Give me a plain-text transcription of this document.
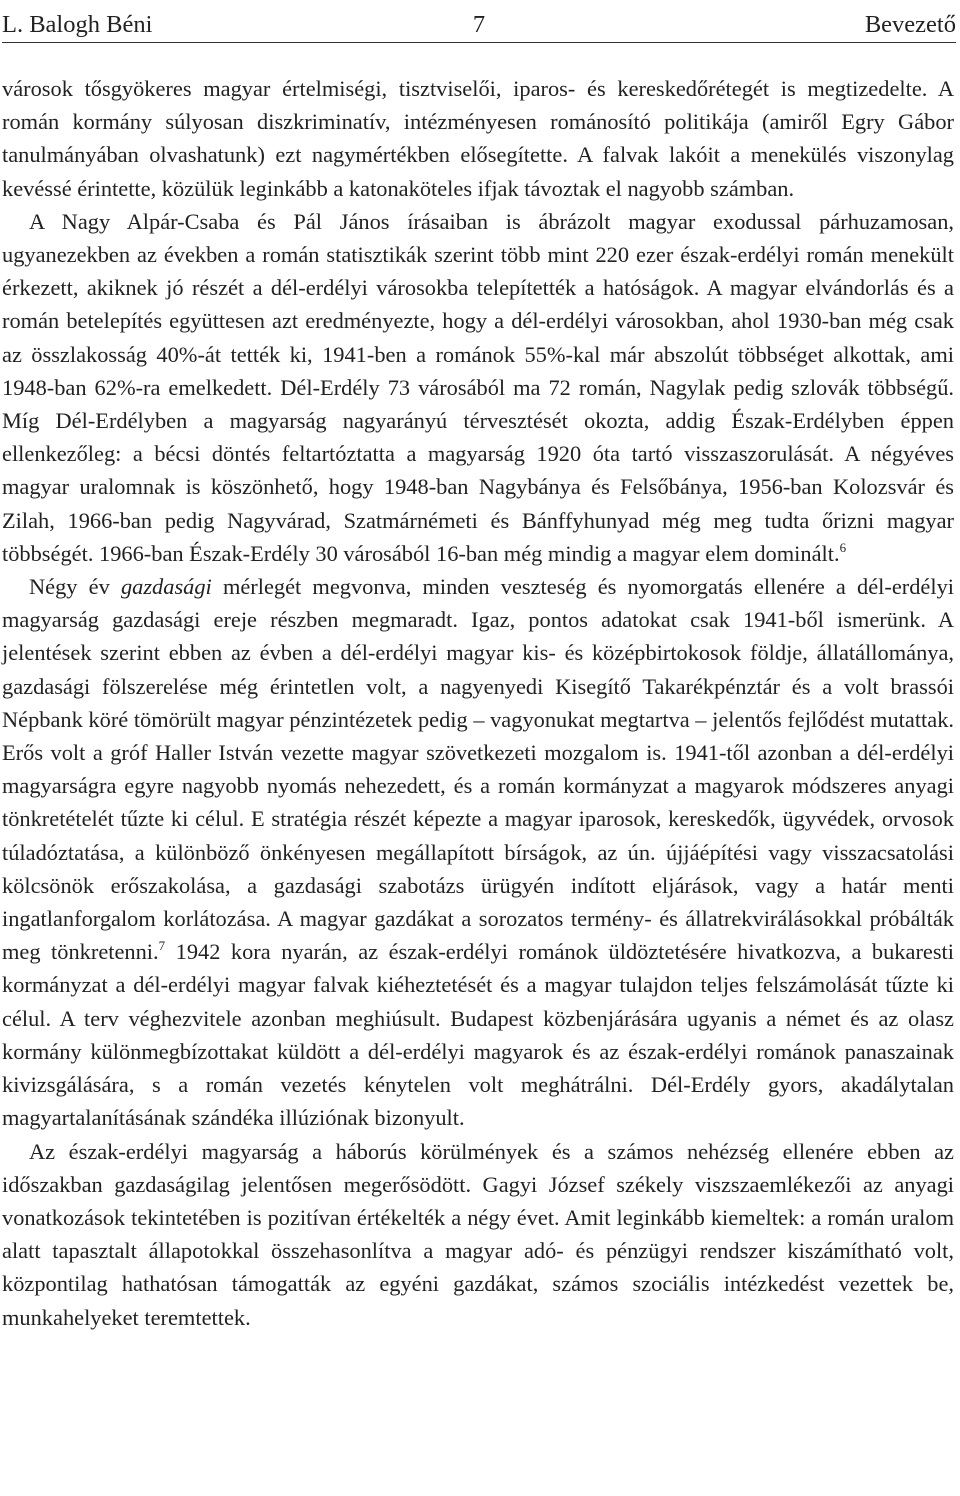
L. Balogh Béni	7	Bevezető

városok tősgyökeres magyar értelmiségi, tisztviselői, iparos- és kereskedőrétegét is megtizedelte. A román kormány súlyosan diszkriminatív, intézményesen románosító politikája (amiről Egry Gábor tanulmányában olvashatunk) ezt nagymértékben elősegítette. A falvak lakóit a menekülés viszonylag kevéssé érintette, közülük leginkább a katonaköteles ifjak távoztak el nagyobb számban.

A Nagy Alpár-Csaba és Pál János írásaiban is ábrázolt magyar exodussal párhuzamosan, ugyanezekben az években a román statisztikák szerint több mint 220 ezer észak-erdélyi román menekült érkezett, akiknek jó részét a dél-erdélyi városokba telepítették a hatóságok. A magyar elvándorlás és a román betelepítés együttesen azt eredményezte, hogy a dél-erdélyi városokban, ahol 1930-ban még csak az összlakosság 40%-át tették ki, 1941-ben a románok 55%-kal már abszolút többséget alkottak, ami 1948-ban 62%-ra emelkedett. Dél-Erdély 73 városából ma 72 román, Nagylak pedig szlovák többségű. Míg Dél-Erdélyben a magyarság nagyarányú térvesztését okozta, addig Észak-Erdélyben éppen ellenkezőleg: a bécsi döntés feltartóztatta a magyarság 1920 óta tartó visszaszorulását. A négyéves magyar uralomnak is köszönhető, hogy 1948-ban Nagybánya és Felsőbánya, 1956-ban Kolozsvár és Zilah, 1966-ban pedig Nagyvárad, Szatmárnémeti és Bánffyhunyad még meg tudta őrizni magyar többségét. 1966-ban Észak-Erdély 30 városából 16-ban még mindig a magyar elem dominált.$^6$

Négy év gazdasági mérlegét megvonva, minden veszteség és nyomorgatás ellenére a dél-erdélyi magyarság gazdasági ereje részben megmaradt. Igaz, pontos adatokat csak 1941-ből ismerünk. A jelentések szerint ebben az évben a dél-erdélyi magyar kis- és középbirtokosok földje, állatállománya, gazdasági fölszerelése még érintetlen volt, a nagyenyedi Kisegítő Takarékpénztár és a volt brassói Népbank köré tömörült magyar pénzintézetek pedig – vagyonukat megtartva – jelentős fejlődést mutattak. Erős volt a gróf Haller István vezette magyar szövetkezeti mozgalom is. 1941-től azonban a dél-erdélyi magyarságra egyre nagyobb nyomás nehezedett, és a román kormányzat a magyarok módszeres anyagi tönkretételét tűzte ki célul. E stratégia részét képezte a magyar iparosok, kereskedők, ügyvédek, orvosok túladóztatása, a különböző önkényesen megállapított bírságok, az ún. újjáépítési vagy visszacsatolási kölcsönök erőszakolása, a gazdasági szabotázs ürügyén indított eljárások, vagy a határ menti ingatlanforgalom korlátozása. A magyar gazdákat a sorozatos termény- és állatrekvirálásokkal próbálták meg tönkretenni.$^7$ 1942 kora nyarán, az észak-erdélyi románok üldöztetésére hivatkozva, a bukaresti kormányzat a dél-erdélyi magyar falvak kiéheztetését és a magyar tulajdon teljes felszámolását tűzte ki célul. A terv véghezvitele azonban meghiúsult. Budapest közbenjárására ugyanis a német és az olasz kormány különmegbízottakat küldött a dél-erdélyi magyarok és az észak-erdélyi románok panaszainak kivizsgálására, s a román vezetés kénytelen volt meghátrálni. Dél-Erdély gyors, akadálytalan magyartalanításának szándéka illúziónak bizonyult.

Az észak-erdélyi magyarság a háborús körülmények és a számos nehézség ellenére ebben az időszakban gazdaságilag jelentősen megerősödött. Gagyi József székely viszszaemlékezői az anyagi vonatkozások tekintetében is pozitívan értékelték a négy évet. Amit leginkább kiemeltek: a román uralom alatt tapasztalt állapotokkal összehasonlítva a magyar adó- és pénzügyi rendszer kiszámítható volt, központilag hathatósan támogatták az egyéni gazdákat, számos szociális intézkedést vezettek be, munkahelyeket teremtettek.
